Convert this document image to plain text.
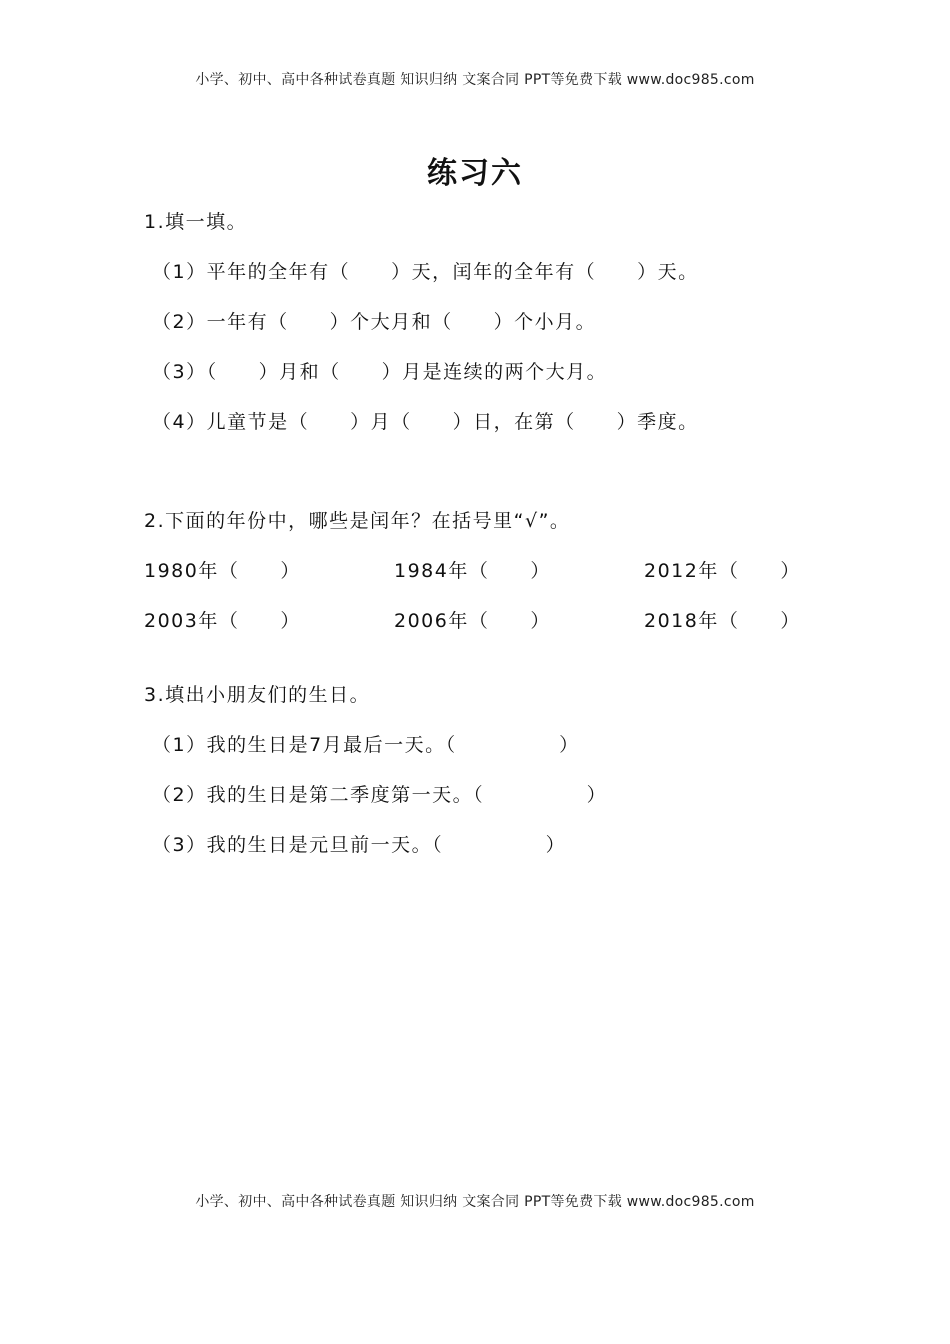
小学、初中、高中各种试卷真题 知识归纳 文案合同 PPT等免费下载 www.doc985.com
练习六
1.填一填。
（1）平年的全年有（　　）天，闰年的全年有（　　）天。
（2）一年有（　　）个大月和（　　）个小月。
（3）（　　）月和（　　）月是连续的两个大月。
（4）儿童节是（　　）月（　　）日，在第（　　）季度。
2.下面的年份中，哪些是闰年？在括号里“√”。
1980年（　　）	1984年（　　）	2012年（　　）
2003年（　　）	2006年（　　）	2018年（　　）
3.填出小朋友们的生日。
（1）我的生日是7月最后一天。（　　　　　）
（2）我的生日是第二季度第一天。（　　　　　）
（3）我的生日是元旦前一天。（　　　　　）
小学、初中、高中各种试卷真题 知识归纳 文案合同 PPT等免费下载 www.doc985.com
